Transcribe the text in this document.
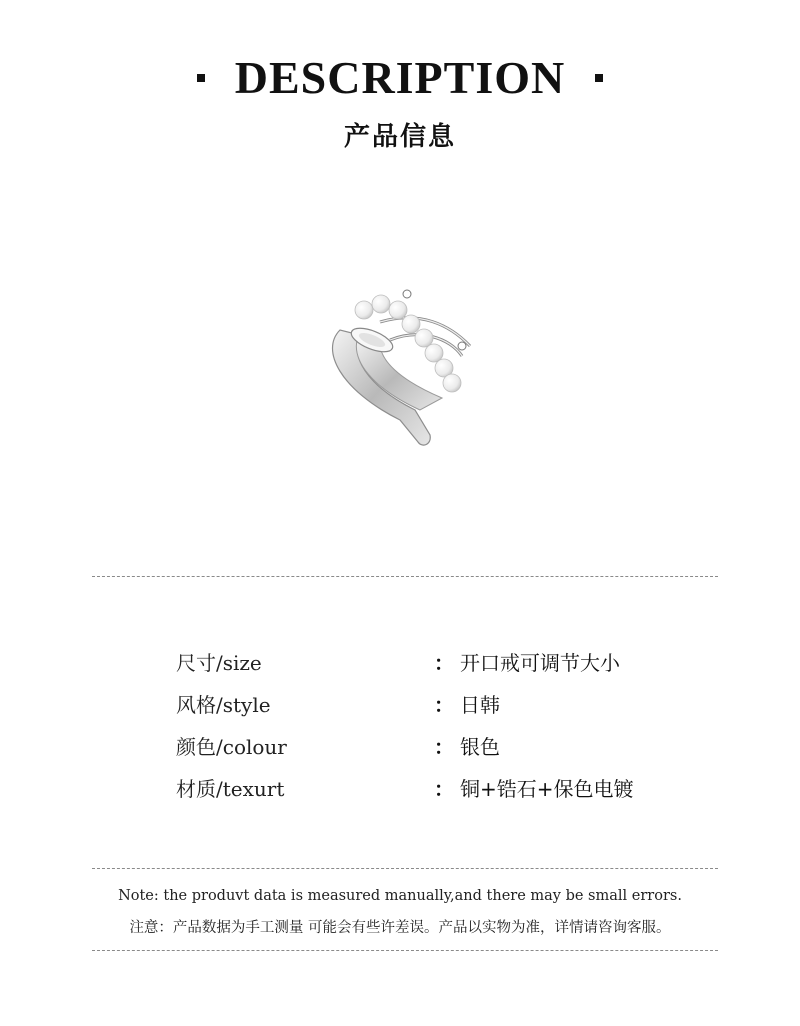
DESCRIPTION
产品信息
尺寸/size	： 开口戒可调节大小
风格/style	： 日韩
颜色/colour	： 银色
材质/texurt	： 铜+锆石+保色电镀
Note: the produvt data is measured manually,and there may be small errors.
注意：产品数据为手工测量 可能会有些许差误。产品以实物为准，详情请咨询客服。
